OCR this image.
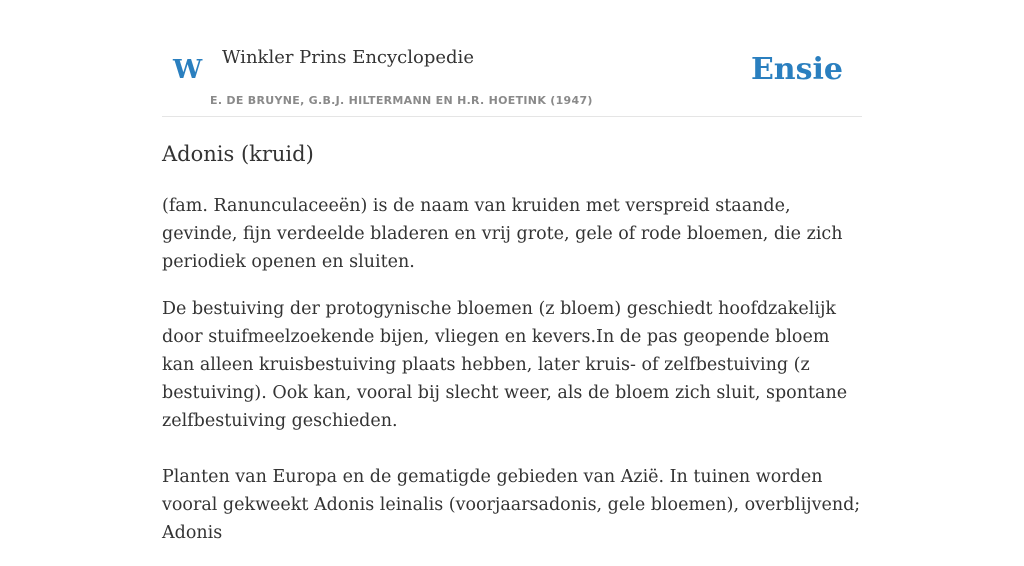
W Winkler Prins Encyclopedie
E. DE BRUYNE, G.B.J. HILTERMANN EN H.R. HOETINK (1947)
Ensie
Adonis (kruid)

(fam. Ranunculaceeën) is de naam van kruiden met verspreid staande, gevinde, fijn verdeelde bladeren en vrij grote, gele of rode bloemen, die zich periodiek openen en sluiten.

De bestuiving der protogynische bloemen (z bloem) geschiedt hoofdzakelijk door stuifmeelzoekende bijen, vliegen en kevers.In de pas geopende bloem kan alleen kruisbestuiving plaats hebben, later kruis- of zelfbestuiving (z bestuiving). Ook kan, vooral bij slecht weer, als de bloem zich sluit, spontane zelfbestuiving geschieden.

Planten van Europa en de gematigde gebieden van Azië. In tuinen worden vooral gekweekt Adonis leinalis (voorjaarsadonis, gele bloemen), overblijvend; Adonis
